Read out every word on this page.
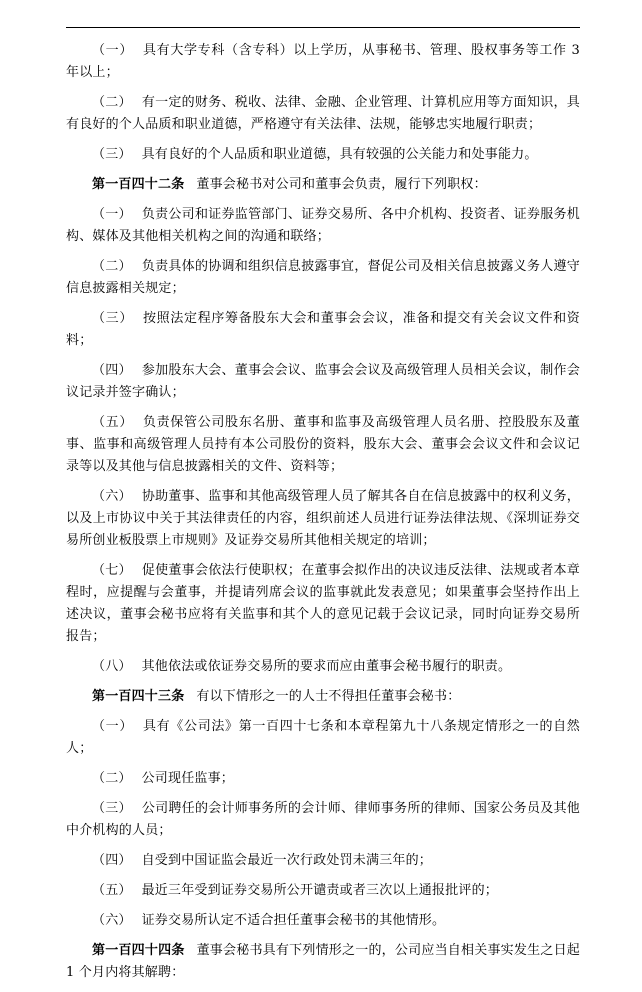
（一） 具有大学专科（含专科）以上学历，从事秘书、管理、股权事务等工作 3 年以上；

（二） 有一定的财务、税收、法律、金融、企业管理、计算机应用等方面知识，具有良好的个人品质和职业道德，严格遵守有关法律、法规，能够忠实地履行职责；

（三） 具有良好的个人品质和职业道德，具有较强的公关能力和处事能力。

第一百四十二条 董事会秘书对公司和董事会负责，履行下列职权：

（一） 负责公司和证券监管部门、证券交易所、各中介机构、投资者、证券服务机构、媒体及其他相关机构之间的沟通和联络；

（二） 负责具体的协调和组织信息披露事宜，督促公司及相关信息披露义务人遵守信息披露相关规定；

（三） 按照法定程序筹备股东大会和董事会会议，准备和提交有关会议文件和资料；

（四） 参加股东大会、董事会会议、监事会会议及高级管理人员相关会议，制作会议记录并签字确认；

（五） 负责保管公司股东名册、董事和监事及高级管理人员名册、控股股东及董事、监事和高级管理人员持有本公司股份的资料，股东大会、董事会会议文件和会议记录等以及其他与信息披露相关的文件、资料等；

（六） 协助董事、监事和其他高级管理人员了解其各自在信息披露中的权利义务，以及上市协议中关于其法律责任的内容，组织前述人员进行证券法律法规、《深圳证券交易所创业板股票上市规则》及证券交易所其他相关规定的培训；

（七） 促使董事会依法行使职权；在董事会拟作出的决议违反法律、法规或者本章程时，应提醒与会董事，并提请列席会议的监事就此发表意见；如果董事会坚持作出上述决议，董事会秘书应将有关监事和其个人的意见记载于会议记录，同时向证券交易所报告；

（八） 其他依法或依证券交易所的要求而应由董事会秘书履行的职责。

第一百四十三条 有以下情形之一的人士不得担任董事会秘书：

（一） 具有《公司法》第一百四十七条和本章程第九十八条规定情形之一的自然人；

（二） 公司现任监事；

（三） 公司聘任的会计师事务所的会计师、律师事务所的律师、国家公务员及其他中介机构的人员；

（四） 自受到中国证监会最近一次行政处罚未满三年的；

（五） 最近三年受到证券交易所公开谴责或者三次以上通报批评的；

（六） 证券交易所认定不适合担任董事会秘书的其他情形。

第一百四十四条 董事会秘书具有下列情形之一的，公司应当自相关事实发生之日起 1 个月内将其解聘：
